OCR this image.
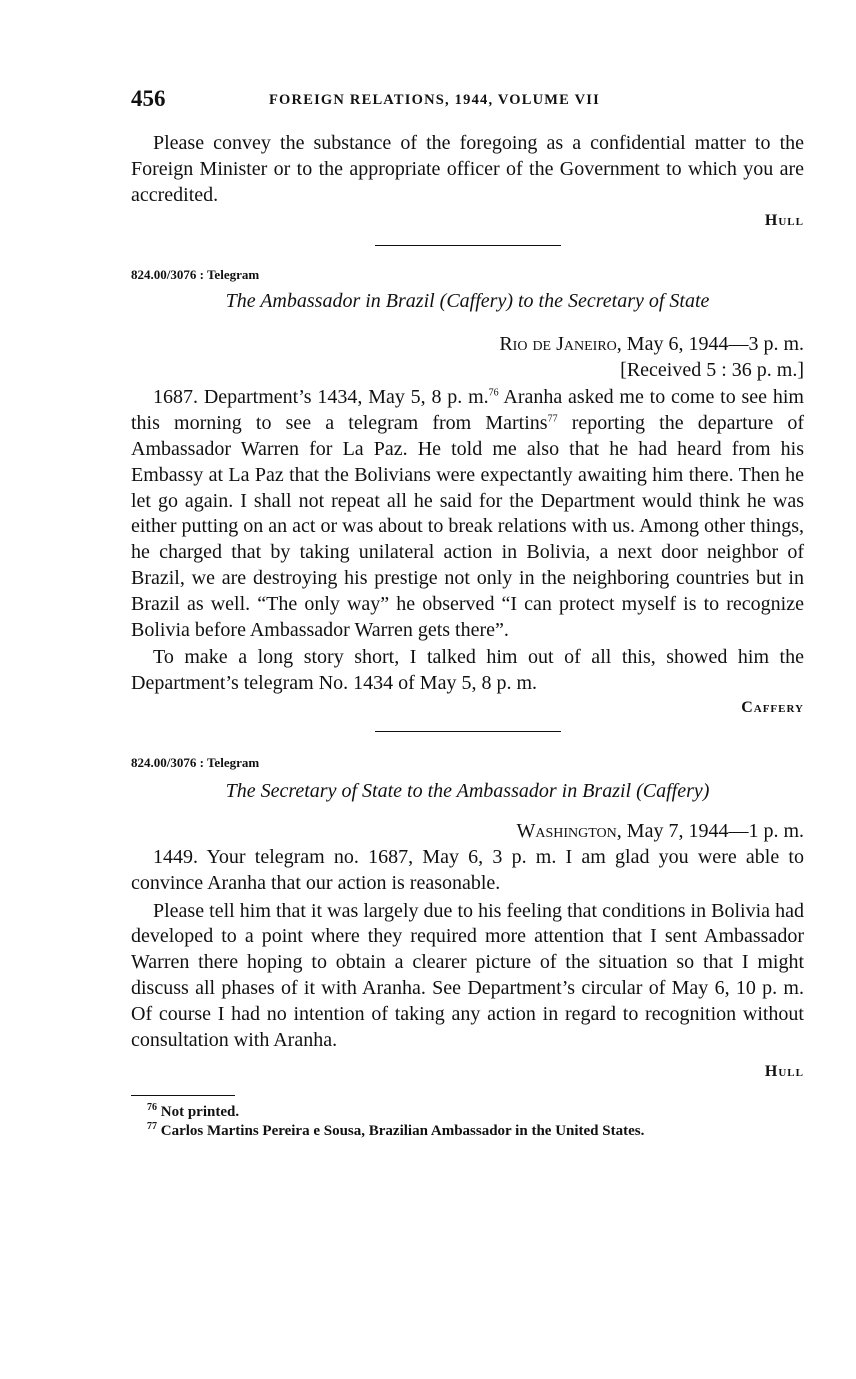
456	FOREIGN RELATIONS, 1944, VOLUME VII

Please convey the substance of the foregoing as a confidential matter to the Foreign Minister or to the appropriate officer of the Government to which you are accredited.

Hull
824.00/3076 : Telegram
The Ambassador in Brazil (Caffery) to the Secretary of State
Rio de Janeiro, May 6, 1944—3 p. m.
[Received 5 : 36 p. m.]

1687. Department’s 1434, May 5, 8 p. m.$^{76}$ Aranha asked me to come to see him this morning to see a telegram from Martins$^{77}$ reporting the departure of Ambassador Warren for La Paz. He told me also that he had heard from his Embassy at La Paz that the Bolivians were expectantly awaiting him there. Then he let go again. I shall not repeat all he said for the Department would think he was either putting on an act or was about to break relations with us. Among other things, he charged that by taking unilateral action in Bolivia, a next door neighbor of Brazil, we are destroying his prestige not only in the neighboring countries but in Brazil as well. “The only way” he observed “I can protect myself is to recognize Bolivia before Ambassador Warren gets there”.

To make a long story short, I talked him out of all this, showed him the Department’s telegram No. 1434 of May 5, 8 p. m.

Caffery
824.00/3076 : Telegram
The Secretary of State to the Ambassador in Brazil (Caffery)
Washington, May 7, 1944—1 p. m.

1449. Your telegram no. 1687, May 6, 3 p. m. I am glad you were able to convince Aranha that our action is reasonable.

Please tell him that it was largely due to his feeling that conditions in Bolivia had developed to a point where they required more attention that I sent Ambassador Warren there hoping to obtain a clearer picture of the situation so that I might discuss all phases of it with Aranha. See Department’s circular of May 6, 10 p. m. Of course I had no intention of taking any action in regard to recognition without consultation with Aranha.

Hull
$^{76}$ Not printed.
$^{77}$ Carlos Martins Pereira e Sousa, Brazilian Ambassador in the United States.
